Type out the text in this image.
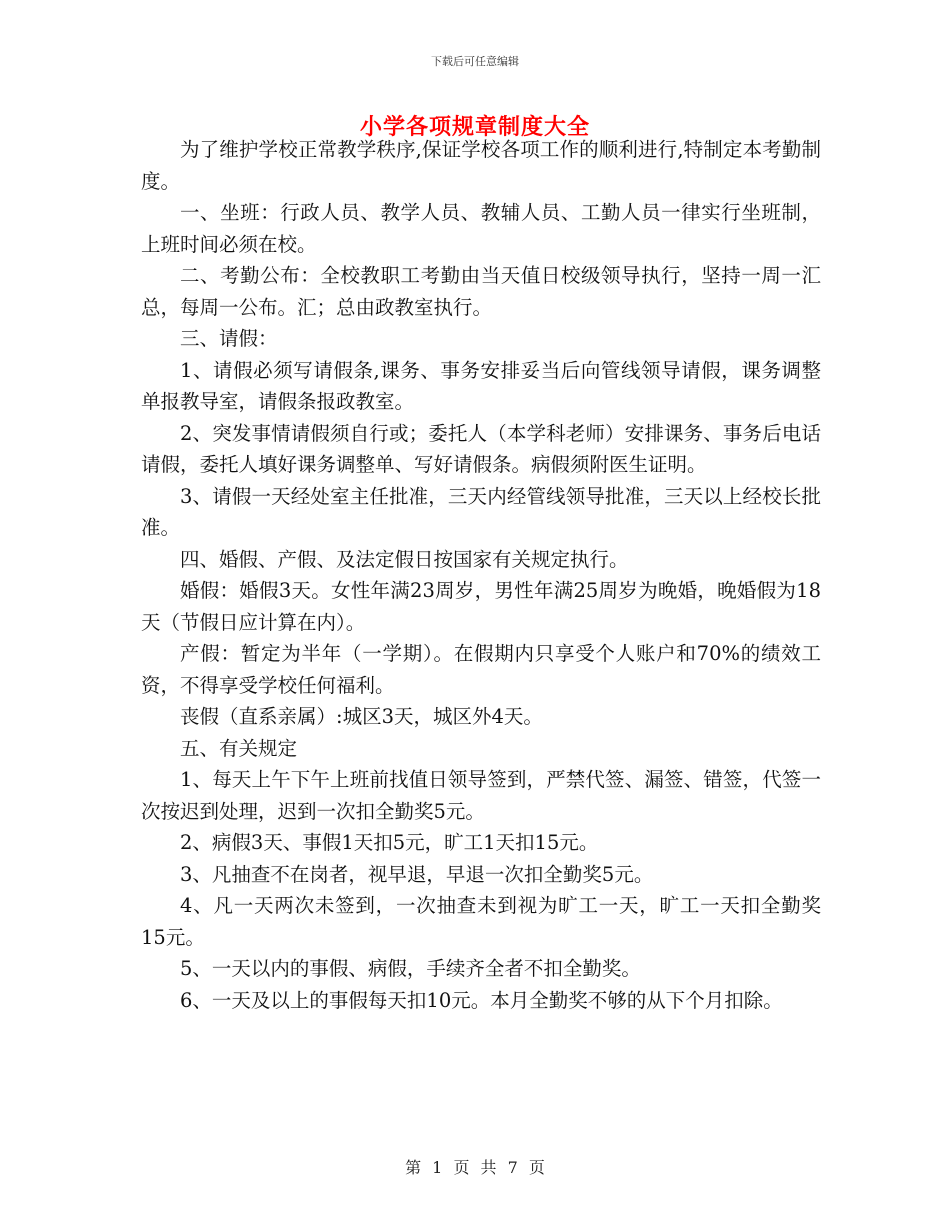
下载后可任意编辑
小学各项规章制度大全

为了维护学校正常教学秩序,保证学校各项工作的顺利进行,特制定本考勤制度。

一、坐班：行政人员、教学人员、教辅人员、工勤人员一律实行坐班制，上班时间必须在校。

二、考勤公布：全校教职工考勤由当天值日校级领导执行，坚持一周一汇总，每周一公布。汇；总由政教室执行。

三、请假：

1、请假必须写请假条,课务、事务安排妥当后向管线领导请假，课务调整单报教导室，请假条报政教室。

2、突发事情请假须自行或；委托人（本学科老师）安排课务、事务后电话请假，委托人填好课务调整单、写好请假条。病假须附医生证明。

3、请假一天经处室主任批准，三天内经管线领导批准，三天以上经校长批准。

四、婚假、产假、及法定假日按国家有关规定执行。

婚假：婚假3天。女性年满23周岁，男性年满25周岁为晚婚，晚婚假为18天（节假日应计算在内）。

产假：暂定为半年（一学期）。在假期内只享受个人账户和70%的绩效工资，不得享受学校任何福利。

丧假（直系亲属）:城区3天，城区外4天。

五、有关规定

1、每天上午下午上班前找值日领导签到，严禁代签、漏签、错签，代签一次按迟到处理，迟到一次扣全勤奖5元。

2、病假3天、事假1天扣5元，旷工1天扣15元。

3、凡抽查不在岗者，视早退，早退一次扣全勤奖5元。

4、凡一天两次未签到，一次抽查未到视为旷工一天，旷工一天扣全勤奖15元。

5、一天以内的事假、病假，手续齐全者不扣全勤奖。

6、一天及以上的事假每天扣10元。本月全勤奖不够的从下个月扣除。

第 1 页 共 7 页
